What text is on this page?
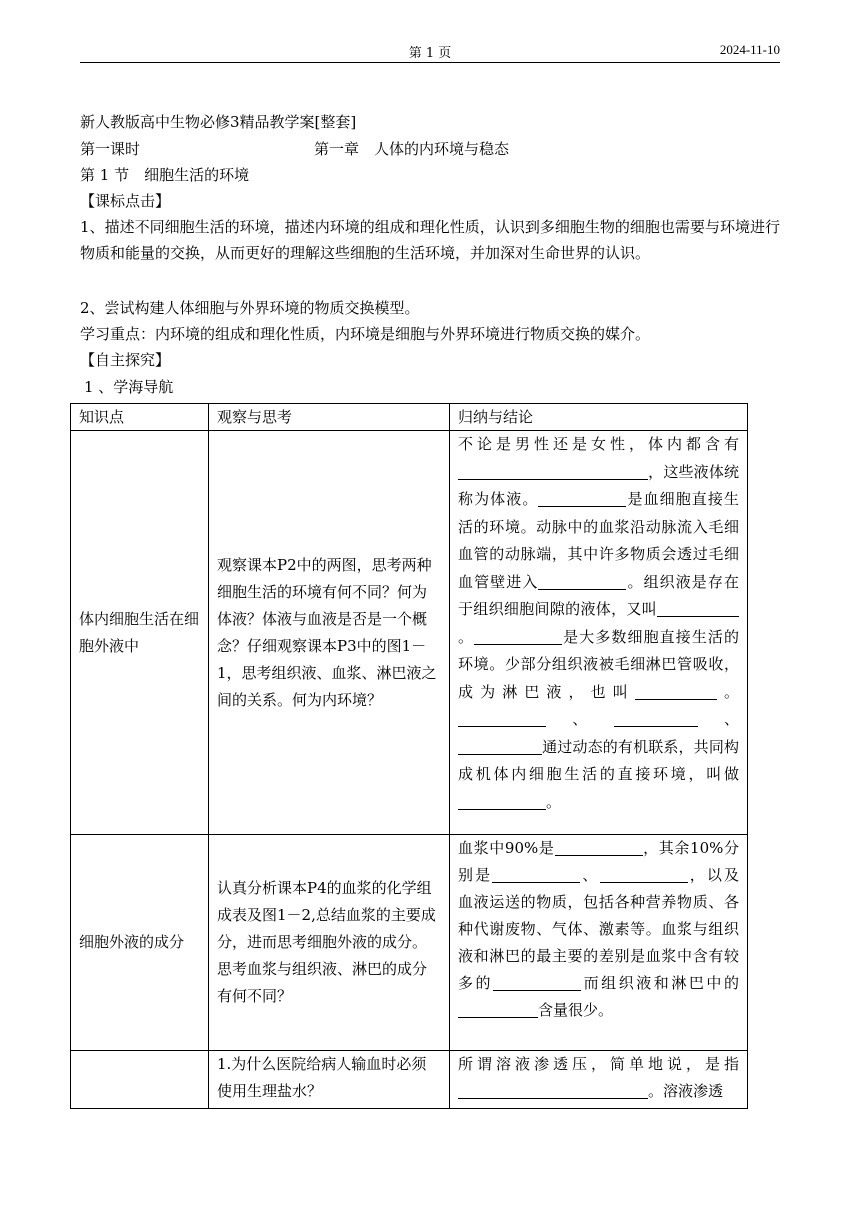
第 1 页	2024-11-10
新人教版高中生物必修3精品教学案[整套]
第一课时	第一章　人体的内环境与稳态
第 1 节　细胞生活的环境
【课标点击】
1、描述不同细胞生活的环境，描述内环境的组成和理化性质，认识到多细胞生物的细胞也需要与环境进行物质和能量的交换，从而更好的理解这些细胞的生活环境，并加深对生命世界的认识。
2、尝试构建人体细胞与外界环境的物质交换模型。
学习重点：内环境的组成和理化性质，内环境是细胞与外界环境进行物质交换的媒介。
【自主探究】
1 、学海导航
知识点	观察与思考	归纳与结论
体内细胞生活在细胞外液中	观察课本P2中的两图，思考两种细胞生活的环境有何不同？何为体液？体液与血液是否是一个概念？仔细观察课本P3中的图1－1，思考组织液、血浆、淋巴液之间的关系。何为内环境？	不论是男性还是女性，体内都含有，这些液体统称为体液。 是血细胞直接生活的环境。动脉中的血浆沿动脉流入毛细血管的动脉端，其中许多物质会透过毛细血管壁进入 。组织液是存在于组织细胞间隙的液体，又叫。 是大多数细胞直接生活的环境。少部分组织液被毛细淋巴管吸收，成为淋巴液，也叫 。、 、通过动态的有机联系，共同构成机体内细胞生活的直接环境，叫做。
细胞外液的成分	认真分析课本P4的血浆的化学组成表及图1－2,总结血浆的主要成分，进而思考细胞外液的成分。思考血浆与组织液、淋巴的成分有何不同？	血浆中90%是 ，其余10%分别是 、 ，以及血液运送的物质，包括各种营养物质、各种代谢废物、气体、激素等。血浆与组织液和淋巴的最主要的差别是血浆中含有较多的 而组织液和淋巴中的含量很少。
	1.为什么医院给病人输血时必须使用生理盐水？	所谓溶液渗透压，简单地说，是指。溶液渗透
